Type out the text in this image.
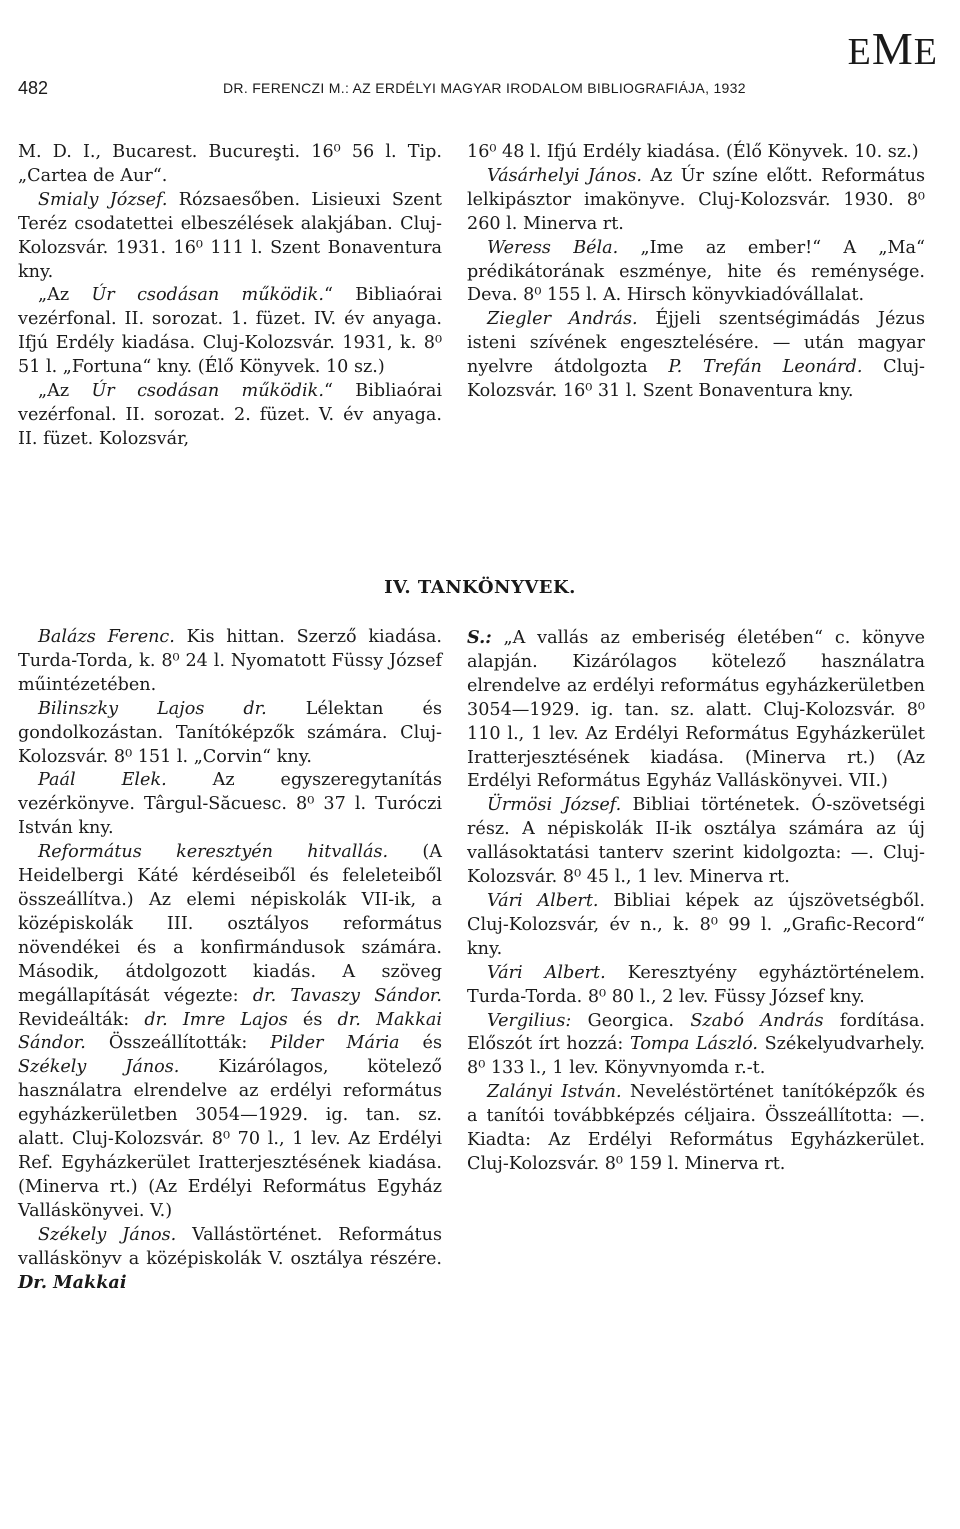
EME
482	DR. FERENCZI M.: AZ ERDÉLYI MAGYAR IRODALOM BIBLIOGRAFIÁJA, 1932

M. D. I., Bucarest. Bucureşti. 16⁰ 56 l. Tip. „Cartea de Aur“.

Smialy József. Rózsaesőben. Lisieuxi Szent Teréz csodatettei elbeszélések alakjában. Cluj-Kolozsvár. 1931. 16⁰ 111 l. Szent Bonaventura kny.

„Az Úr csodásan működik.“ Bibliaórai vezérfonal. II. sorozat. 1. füzet. IV. év anyaga. Ifjú Erdély kiadása. Cluj-Kolozsvár. 1931, k. 8⁰ 51 l. „Fortuna“ kny. (Élő Könyvek. 10 sz.)

„Az Úr csodásan működik.“ Bibliaórai vezérfonal. II. sorozat. 2. füzet. V. év anyaga. II. füzet. Kolozsvár,

16⁰ 48 l. Ifjú Erdély kiadása. (Élő Könyvek. 10. sz.)

Vásárhelyi János. Az Úr színe előtt. Református lelkipásztor imakönyve. Cluj-Kolozsvár. 1930. 8⁰ 260 l. Minerva rt.

Weress Béla. „Ime az ember!“ A „Ma“ prédikátorának eszménye, hite és reménysége. Deva. 8⁰ 155 l. A. Hirsch könyvkiadóvállalat.

Ziegler András. Éjjeli szentségimádás Jézus isteni szívének engesztelésére. — után magyar nyelvre átdolgozta P. Trefán Leonárd. Cluj-Kolozsvár. 16⁰ 31 l. Szent Bonaventura kny.

IV. TANKÖNYVEK.

Balázs Ferenc. Kis hittan. Szerző kiadása. Turda-Torda, k. 8⁰ 24 l. Nyomatott Füssy József műintézetében.

Bilinszky Lajos dr. Lélektan és gondolkozástan. Tanítóképzők számára. Cluj-Kolozsvár. 8⁰ 151 l. „Corvin“ kny.

Paál Elek. Az egyszeregytanítás vezérkönyve. Târgul-Săcuesc. 8⁰ 37 l. Turóczi István kny.

Református keresztyén hitvallás. (A Heidelbergi Káté kérdéseiből és feleleteiből összeállítva.) Az elemi népiskolák VII-ik, a középiskolák III. osztályos református növendékei és a konfirmándusok számára. Második, átdolgozott kiadás. A szöveg megállapítását végezte: dr. Tavaszy Sándor. Revideálták: dr. Imre Lajos és dr. Makkai Sándor. Összeállították: Pilder Mária és Székely János. Kizárólagos, kötelező használatra elrendelve az erdélyi református egyházkerületben 3054—1929. ig. tan. sz. alatt. Cluj-Kolozsvár. 8⁰ 70 l., 1 lev. Az Erdélyi Ref. Egyházkerület Iratterjesztésének kiadása. (Minerva rt.) (Az Erdélyi Református Egyház Valláskönyvei. V.)

Székely János. Vallástörténet. Református valláskönyv a középiskolák V. osztálya részére. Dr. Makkai

S.: „A vallás az emberiség életében“ c. könyve alapján. Kizárólagos kötelező használatra elrendelve az erdélyi református egyházkerületben 3054—1929. ig. tan. sz. alatt. Cluj-Kolozsvár. 8⁰ 110 l., 1 lev. Az Erdélyi Református Egyházkerület Iratterjesztésének kiadása. (Minerva rt.) (Az Erdélyi Református Egyház Valláskönyvei. VII.)

Ürmösi József. Bibliai történetek. Ó-szövetségi rész. A népiskolák II-ik osztálya számára az új vallásoktatási tanterv szerint kidolgozta: —. Cluj-Kolozsvár. 8⁰ 45 l., 1 lev. Minerva rt.

Vári Albert. Bibliai képek az újszövetségből. Cluj-Kolozsvár, év n., k. 8⁰ 99 l. „Grafic-Record“ kny.

Vári Albert. Keresztyény egyháztörténelem. Turda-Torda. 8⁰ 80 l., 2 lev. Füssy József kny.

Vergilius: Georgica. Szabó András fordítása. Előszót írt hozzá: Tompa László. Székelyudvarhely. 8⁰ 133 l., 1 lev. Könyvnyomda r.-t.

Zalányi István. Neveléstörténet tanítóképzők és a tanítói továbbképzés céljaira. Összeállította: —. Kiadta: Az Erdélyi Református Egyházkerület. Cluj-Kolozsvár. 8⁰ 159 l. Minerva rt.
